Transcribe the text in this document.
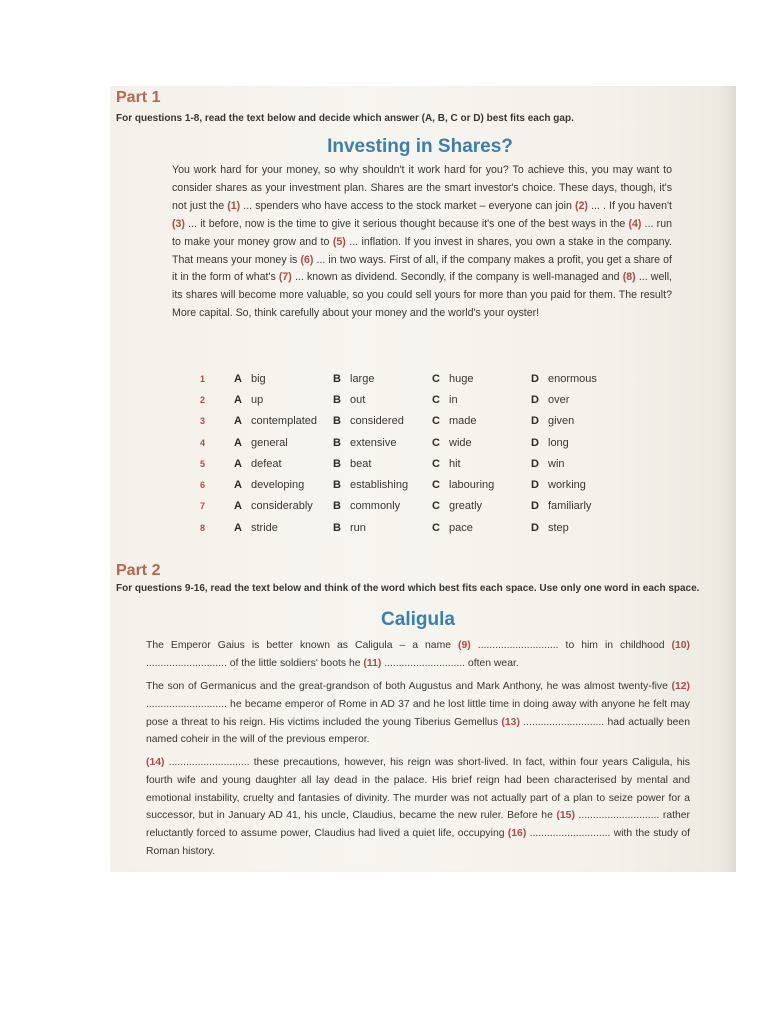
Part 1
For questions 1-8, read the text below and decide which answer (A, B, C or D) best fits each gap.
Investing in Shares?

You work hard for your money, so why shouldn't it work hard for you? To achieve this, you may want to consider shares as your investment plan. Shares are the smart investor's choice. These days, though, it's not just the (1) ... spenders who have access to the stock market – everyone can join (2) ... . If you haven't (3) ... it before, now is the time to give it serious thought because it's one of the best ways in the (4) ... run to make your money grow and to (5) ... inflation. If you invest in shares, you own a stake in the company. That means your money is (6) ... in two ways. First of all, if the company makes a profit, you get a share of it in the form of what's (7) ... known as dividend. Secondly, if the company is well-managed and (8) ... well, its shares will become more valuable, so you could sell yours for more than you paid for them. The result? More capital. So, think carefully about your money and the world's your oyster!

1	A	big	B	large	C	huge	D	enormous
2	A	up	B	out	C	in	D	over
3	A	contemplated	B	considered	C	made	D	given
4	A	general	B	extensive	C	wide	D	long
5	A	defeat	B	beat	C	hit	D	win
6	A	developing	B	establishing	C	labouring	D	working
7	A	considerably	B	commonly	C	greatly	D	familiarly
8	A	stride	B	run	C	pace	D	step
Part 2
For questions 9-16, read the text below and think of the word which best fits each space. Use only one word in each space.
Caligula

The Emperor Gaius is better known as Caligula – a name (9) ............................ to him in childhood (10) ............................ of the little soldiers' boots he (11) ............................ often wear.

The son of Germanicus and the great-grandson of both Augustus and Mark Anthony, he was almost twenty-five (12) ............................ he became emperor of Rome in AD 37 and he lost little time in doing away with anyone he felt may pose a threat to his reign. His victims included the young Tiberius Gemellus (13) ............................ had actually been named coheir in the will of the previous emperor.

(14) ............................ these precautions, however, his reign was short-lived. In fact, within four years Caligula, his fourth wife and young daughter all lay dead in the palace. His brief reign had been characterised by mental and emotional instability, cruelty and fantasies of divinity. The murder was not actually part of a plan to seize power for a successor, but in January AD 41, his uncle, Claudius, became the new ruler. Before he (15) ............................ rather reluctantly forced to assume power, Claudius had lived a quiet life, occupying (16) ............................ with the study of Roman history.
